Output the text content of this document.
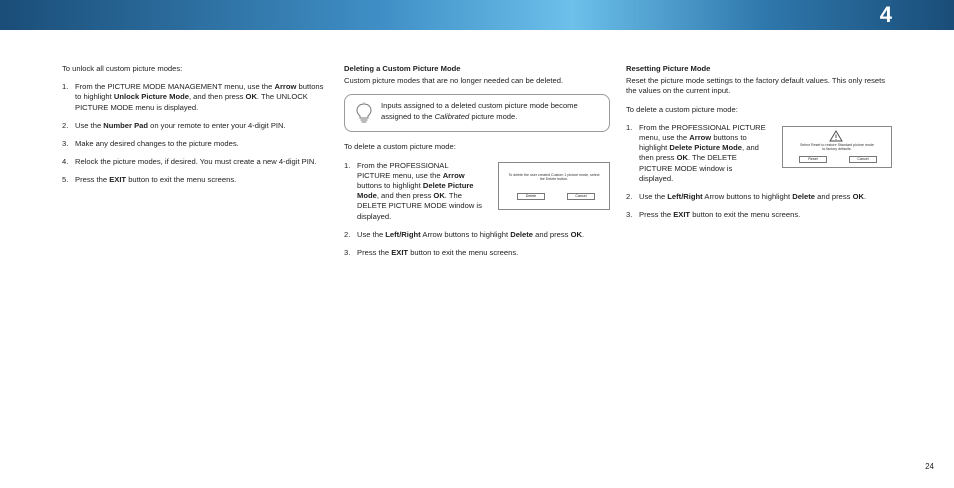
4

To unlock all custom picture modes:

1. From the PICTURE MODE MANAGEMENT menu, use the Arrow buttons to highlight Unlock Picture Mode, and then press OK. The UNLOCK PICTURE MODE menu is displayed.
2. Use the Number Pad on your remote to enter your 4-digit PIN.
3. Make any desired changes to the picture modes.
4. Relock the picture modes, if desired. You must create a new 4-digit PIN.
5. Press the EXIT button to exit the menu screens.
Deleting a Custom Picture Mode

Custom picture modes that are no longer needed can be deleted.

Inputs assigned to a deleted custom picture mode become assigned to the Calibrated picture mode.

To delete a custom picture mode:

1. From the PROFESSIONAL PICTURE menu, use the Arrow buttons to highlight Delete Picture Mode, and then press OK. The DELETE PICTURE MODE window is displayed.
2. Use the Left/Right Arrow buttons to highlight Delete and press OK.
3. Press the EXIT button to exit the menu screens.
To delete the user created Custom 1 picture mode, select the Delete button.
Delete	Cancel
Resetting Picture Mode

Reset the picture mode settings to the factory default values. This only resets the values on the current input.

To delete a custom picture mode:

1. From the PROFESSIONAL PICTURE menu, use the Arrow buttons to highlight Delete Picture Mode, and then press OK. The DELETE PICTURE MODE window is displayed.
2. Use the Left/Right Arrow buttons to highlight Delete and press OK.
3. Press the EXIT button to exit the menu screens.
Select Reset to restore Standard picture mode to factory defaults.
Reset	Cancel
24
